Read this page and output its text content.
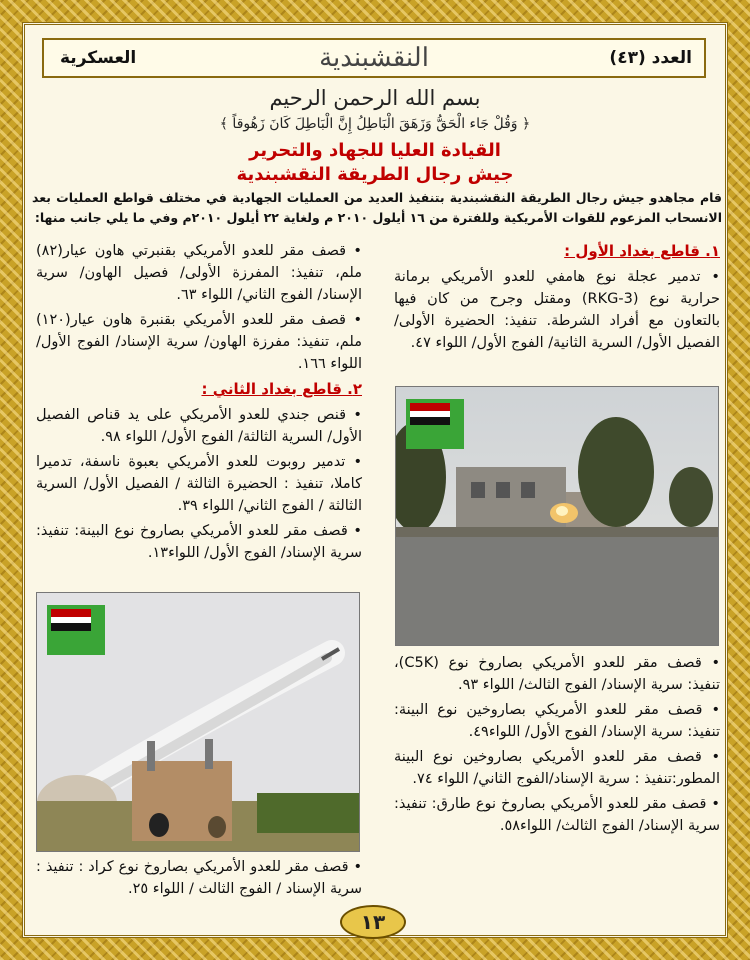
العدد (٤٣)
النقشبندية
العسكرية
بسم الله الرحمن الرحيم
﴿ وَقُلْ جَاء الْحَقُّ وَزَهَقَ الْبَاطِلُ إِنَّ الْبَاطِلَ كَانَ زَهُوقاً ﴾
القيادة العليا للجهاد والتحرير
جيش رجال الطريقة النقشبندية
قام مجاهدو جيش رجال الطريقة النقشبندية بتنفيذ العديد من العمليات الجهادية في مختلف قواطع العمليات بعد الانسحاب المزعوم للقوات الأمريكية وللفترة من ١٦ أيلول ٢٠١٠ م ولغاية ٢٢ أيلول ٢٠١٠م وفي ما يلي جانب منها:

١. قاطع بغداد الأول :

• تدمير عجلة نوع هامفي للعدو الأمريكي برمانة حرارية نوع (RKG-3) ومقتل وجرح من كان فيها بالتعاون مع أفراد الشرطة. تنفيذ: الحضيرة الأولى/ الفصيل الأول/ السرية الثانية/ الفوج الأول/ اللواء ٤٧.

• قصف مقر للعدو الأمريكي بصاروخ نوع (C5K)، تنفيذ: سرية الإسناد/ الفوج الثالث/ اللواء ٩٣.

• قصف مقر للعدو الأمريكي بصاروخين نوع البينة: تنفيذ: سرية الإسناد/ الفوج الأول/ اللواء٤٩.

• قصف مقر للعدو الأمريكي بصاروخين نوع البينة المطور:تنفيذ : سرية الإسناد/الفوج الثاني/ اللواء ٧٤.

• قصف مقر للعدو الأمريكي بصاروخ نوع طارق: تنفيذ: سرية الإسناد/ الفوج الثالث/ اللواء٥٨.

• قصف مقر للعدو الأمريكي بقنبرتي هاون عيار(٨٢) ملم، تنفيذ: المفرزة الأولى/ فصيل الهاون/ سرية الإسناد/ الفوج الثاني/ اللواء ٦٣.

• قصف مقر للعدو الأمريكي بقنبرة هاون عيار(١٢٠) ملم، تنفيذ: مفرزة الهاون/ سرية الإسناد/ الفوج الأول/ اللواء ١٦٦.

٢. قاطع بغداد الثاني :

• قنص جندي للعدو الأمريكي على يد قناص الفصيل الأول/ السرية الثالثة/ الفوج الأول/ اللواء ٩٨.

• تدمير روبوت للعدو الأمريكي بعبوة ناسفة، تدميرا كاملا، تنفيذ : الحضيرة الثالثة / الفصيل الأول/ السرية الثالثة / الفوج الثاني/ اللواء ٣٩.

• قصف مقر للعدو الأمريكي بصاروخ نوع البينة: تنفيذ: سرية الإسناد/ الفوج الأول/ اللواء١٣.

• قصف مقر للعدو الأمريكي بصاروخ نوع كراد : تنفيذ : سرية الإسناد / الفوج الثالث / اللواء ٢٥.

١٣
